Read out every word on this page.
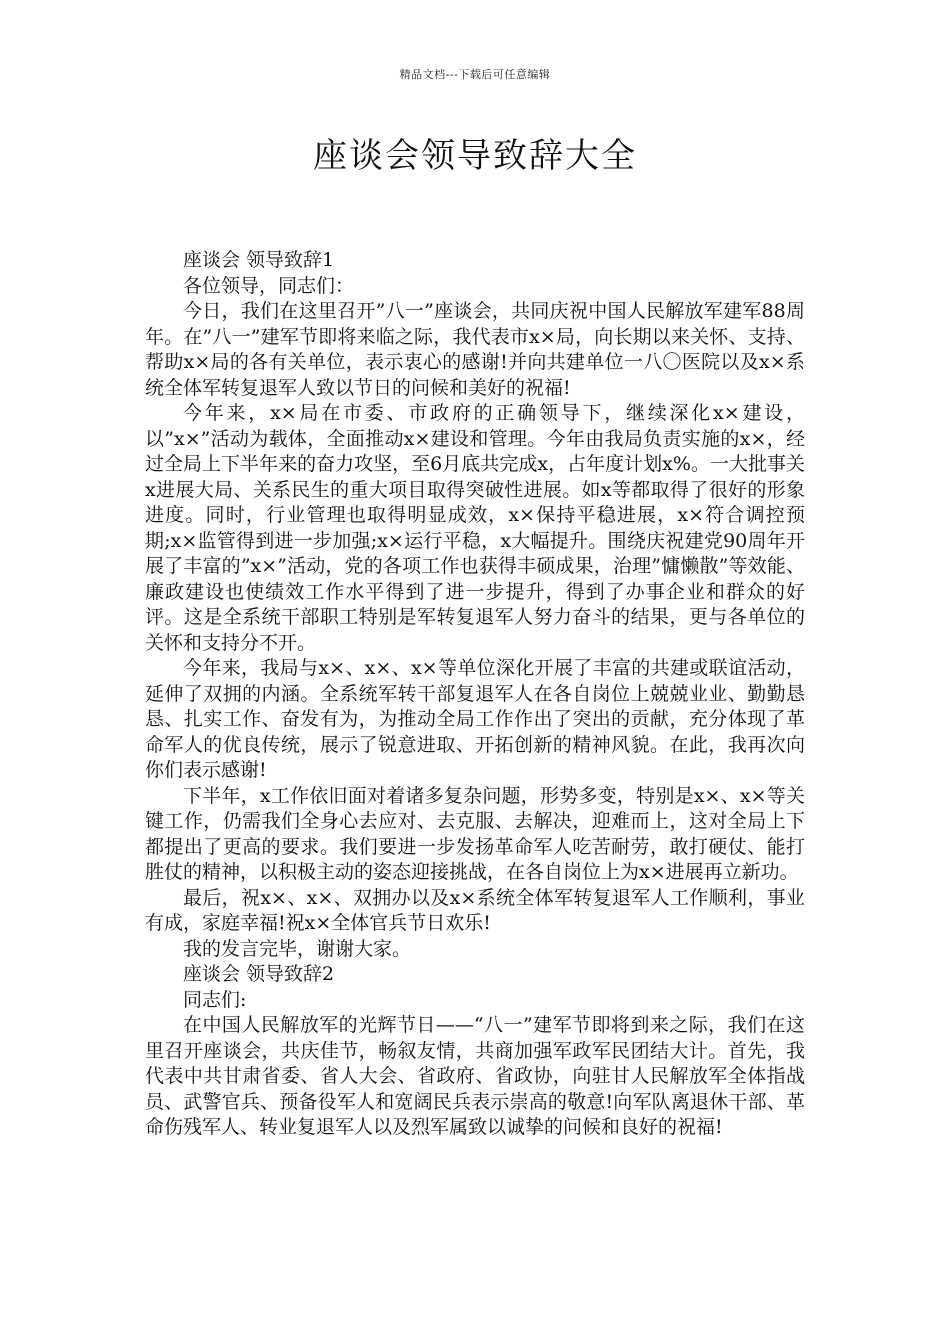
精品文档---下载后可任意编辑
座谈会领导致辞大全

座谈会 领导致辞1

各位领导，同志们：

今日，我们在这里召开”八一”座谈会，共同庆祝中国人民解放军建军88周年。在”八一”建军节即将来临之际，我代表市x×局，向长期以来关怀、支持、帮助x×局的各有关单位，表示衷心的感谢!并向共建单位一八〇医院以及x×系统全体军转复退军人致以节日的问候和美好的祝福!

今年来，x×局在市委、市政府的正确领导下，继续深化x×建设，以”x×”活动为载体，全面推动x×建设和管理。今年由我局负责实施的x×，经过全局上下半年来的奋力攻坚，至6月底共完成x，占年度计划x%。一大批事关x进展大局、关系民生的重大项目取得突破性进展。如x等都取得了很好的形象进度。同时，行业管理也取得明显成效，x×保持平稳进展，x×符合调控预期;x×监管得到进一步加强;x×运行平稳，x大幅提升。围绕庆祝建党90周年开展了丰富的”x×”活动，党的各项工作也获得丰硕成果，治理”慵懒散”等效能、廉政建设也使绩效工作水平得到了进一步提升，得到了办事企业和群众的好评。这是全系统干部职工特别是军转复退军人努力奋斗的结果，更与各单位的关怀和支持分不开。

今年来，我局与x×、x×、x×等单位深化开展了丰富的共建或联谊活动，延伸了双拥的内涵。全系统军转干部复退军人在各自岗位上兢兢业业、勤勤恳恳、扎实工作、奋发有为，为推动全局工作作出了突出的贡献，充分体现了革命军人的优良传统，展示了锐意进取、开拓创新的精神风貌。在此，我再次向你们表示感谢!

下半年，x工作依旧面对着诸多复杂问题，形势多变，特别是x×、x×等关键工作，仍需我们全身心去应对、去克服、去解决，迎难而上，这对全局上下都提出了更高的要求。我们要进一步发扬革命军人吃苦耐劳，敢打硬仗、能打胜仗的精神，以积极主动的姿态迎接挑战，在各自岗位上为x×进展再立新功。

最后，祝x×、x×、双拥办以及x×系统全体军转复退军人工作顺利，事业有成，家庭幸福!祝x×全体官兵节日欢乐!

我的发言完毕，谢谢大家。

座谈会 领导致辞2

同志们:

在中国人民解放军的光辉节日——“八一”建军节即将到来之际，我们在这里召开座谈会，共庆佳节，畅叙友情，共商加强军政军民团结大计。首先，我代表中共甘肃省委、省人大会、省政府、省政协，向驻甘人民解放军全体指战员、武警官兵、预备役军人和宽阔民兵表示崇高的敬意!向军队离退休干部、革命伤残军人、转业复退军人以及烈军属致以诚挚的问候和良好的祝福!
